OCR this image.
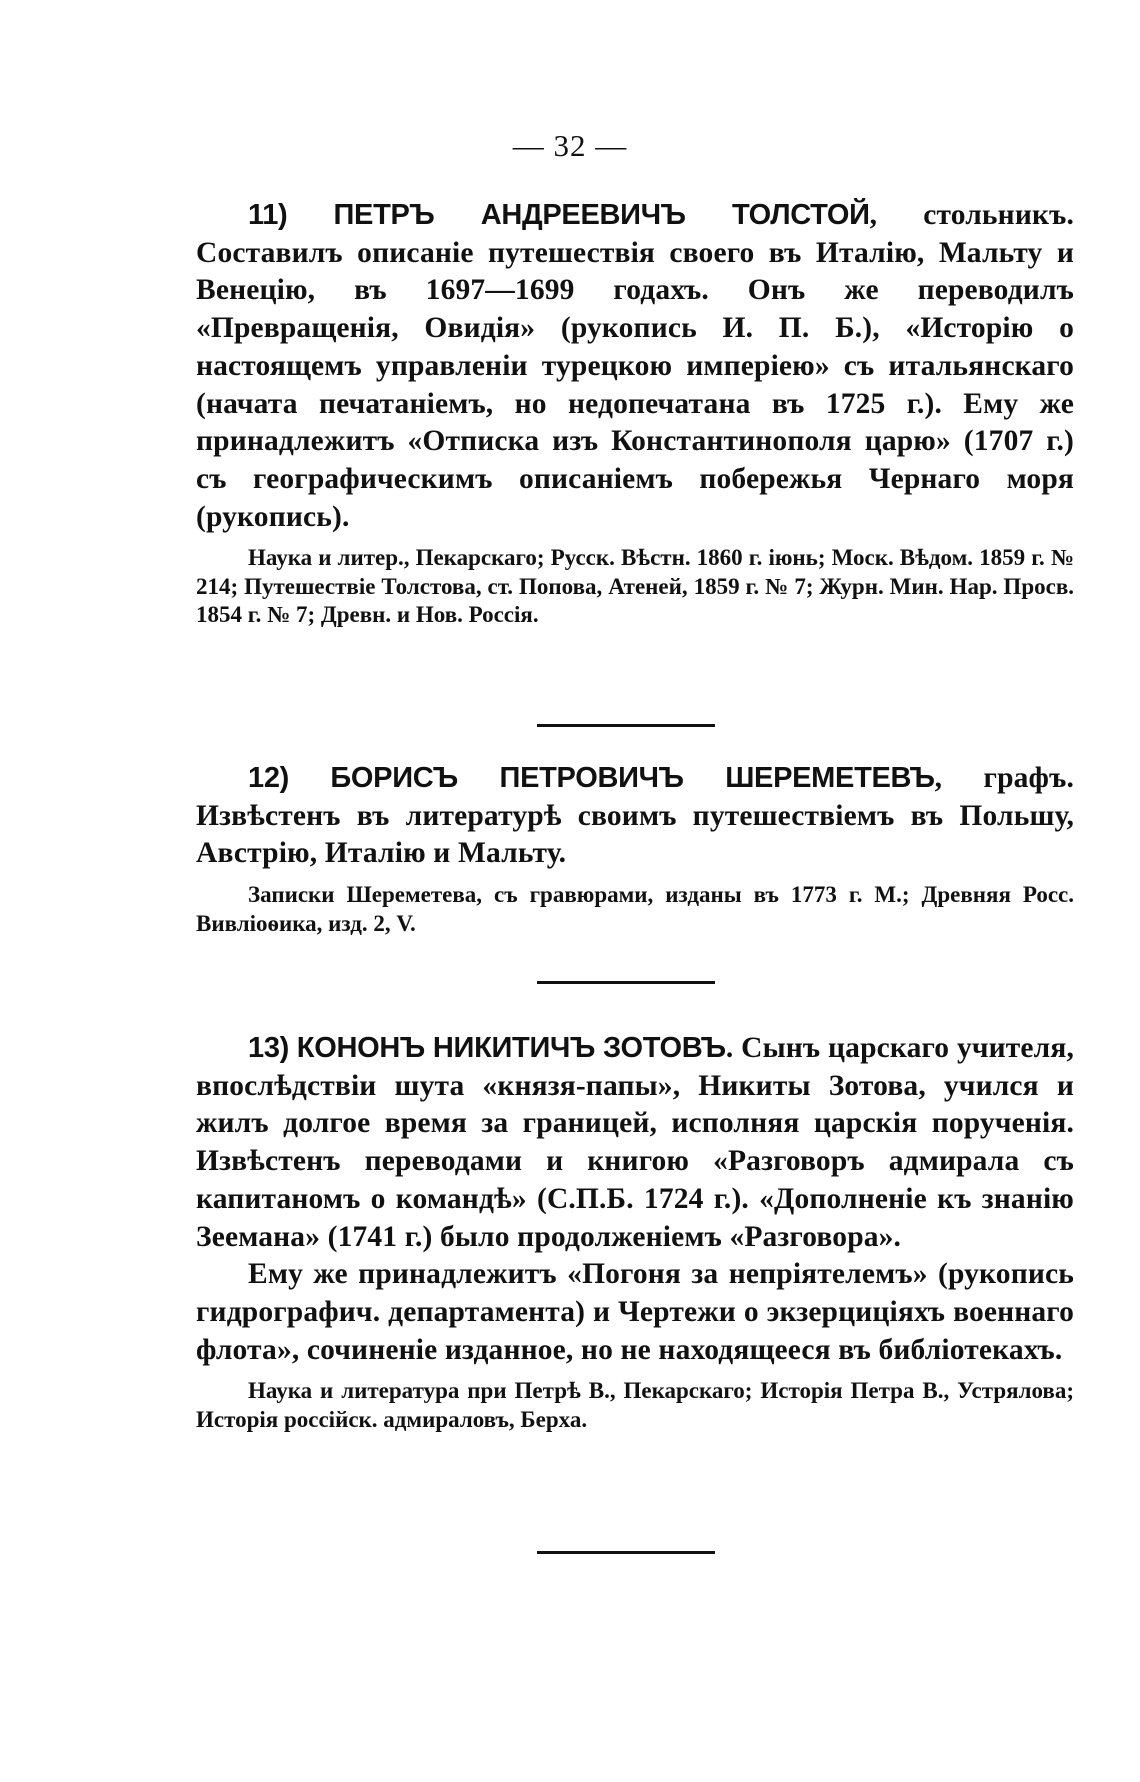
— 32 —

11) ПЕТРЪ АНДРЕЕВИЧЪ ТОЛСТОЙ, стольникъ. Составилъ описаніе путешествія своего въ Италію, Мальту и Венецію, въ 1697—1699 годахъ. Онъ же переводилъ «Превращенія, Овидія» (рукопись И. П. Б.), «Исторію о настоящемъ управленіи турецкою имперіею» съ итальянскаго (начата печатаніемъ, но недопечатана въ 1725 г.). Ему же принадлежитъ «Отписка изъ Константинополя царю» (1707 г.) съ географическимъ описаніемъ побережья Чернаго моря (рукопись).

Наука и литер., Пекарскаго; Русск. Вѣстн. 1860 г. іюнь; Моск. Вѣдом. 1859 г. № 214; Путешествіе Толстова, ст. Попова, Атеней, 1859 г. № 7; Журн. Мин. Нар. Просв. 1854 г. № 7; Древн. и Нов. Россія.

12) БОРИСЪ ПЕТРОВИЧЪ ШЕРЕМЕТЕВЪ, графъ. Извѣстенъ въ литературѣ своимъ путешествіемъ въ Польшу, Австрію, Италію и Мальту.

Записки Шереметева, съ гравюрами, изданы въ 1773 г. М.; Древняя Росс. Вивліоѳика, изд. 2, V.

13) КОНОНЪ НИКИТИЧЪ ЗОТОВЪ. Сынъ царскаго учителя, впослѣдствіи шута «князя-папы», Никиты Зотова, учился и жилъ долгое время за границей, исполняя царскія порученія. Извѣстенъ переводами и книгою «Разговоръ адмирала съ капитаномъ о командѣ» (С.П.Б. 1724 г.). «Дополненіе къ знанію Зеемана» (1741 г.) было продолженіемъ «Разговора».

Ему же принадлежитъ «Погоня за непріятелемъ» (рукопись гидрографич. департамента) и Чертежи о экзерцицiяхъ военнаго флота», сочиненіе изданное, но не находящееся въ библіотекахъ.

Наука и литература при Петрѣ В., Пекарскаго; Исторія Петра В., Устрялова; Исторія россійск. адмираловъ, Берха.
